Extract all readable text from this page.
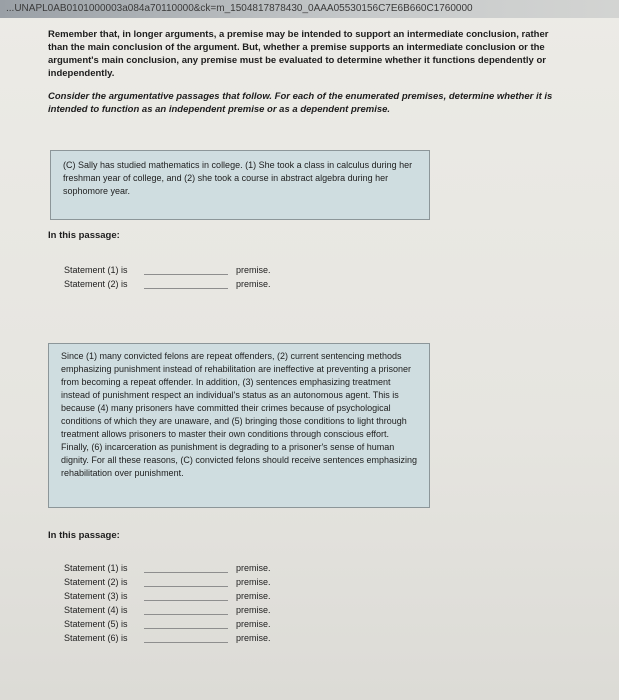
...UNAPL0AB0101000003a084a70110000&ck=m_1504817878430_0AAA05530156C7E6B660C1760000

Remember that, in longer arguments, a premise may be intended to support an intermediate conclusion, rather than the main conclusion of the argument. But, whether a premise supports an intermediate conclusion or the argument's main conclusion, any premise must be evaluated to determine whether it functions dependently or independently.

Consider the argumentative passages that follow. For each of the enumerated premises, determine whether it is intended to function as an independent premise or as a dependent premise.

(C) Sally has studied mathematics in college. (1) She took a class in calculus during her freshman year of college, and (2) she took a course in abstract algebra during her sophomore year.
In this passage:
Statement (1) is	premise.
Statement (2) is	premise.
Since (1) many convicted felons are repeat offenders, (2) current sentencing methods emphasizing punishment instead of rehabilitation are ineffective at preventing a prisoner from becoming a repeat offender. In addition, (3) sentences emphasizing treatment instead of punishment respect an individual's status as an autonomous agent. This is because (4) many prisoners have committed their crimes because of psychological conditions of which they are unaware, and (5) bringing those conditions to light through treatment allows prisoners to master their own conditions through conscious effort. Finally, (6) incarceration as punishment is degrading to a prisoner's sense of human dignity. For all these reasons, (C) convicted felons should receive sentences emphasizing rehabilitation over punishment.
In this passage:
Statement (1) is	premise.
Statement (2) is	premise.
Statement (3) is	premise.
Statement (4) is	premise.
Statement (5) is	premise.
Statement (6) is	premise.
